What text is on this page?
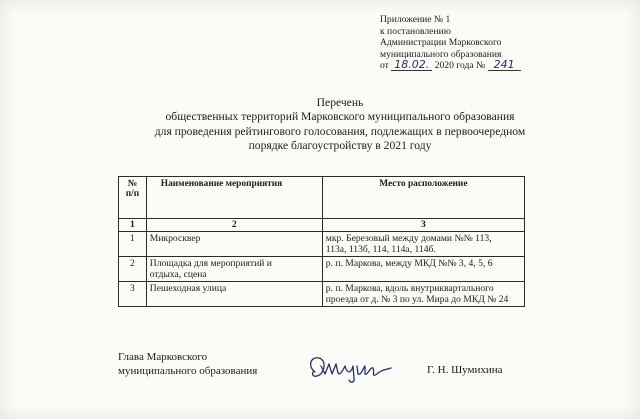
Приложение № 1
к постановлению
Администрации Марковского
муниципального образования
от 18.02. 2020 года № 241
Перечень
общественных территорий Марковского муниципального образования
для проведения рейтингового голосования, подлежащих в первоочередном
порядке благоустройству в 2021 году
№
п/п	Наименование мероприятия	Место расположение
1	2	3
1	Микросквер	мкр. Березовый между домами №№ 113,
113а, 113б, 114, 114а, 114б.

2	Площадка для мероприятий и
отдыха, сцена	р. п. Маркова, между МКД №№ 3, 4, 5, 6
3	Пешеходная улица	р. п. Маркова, вдоль внутриквартального
проезда от д. № 3 по ул. Мира до МКД № 24
Глава Марковского
муниципального образования	Г. Н. Шумихина
